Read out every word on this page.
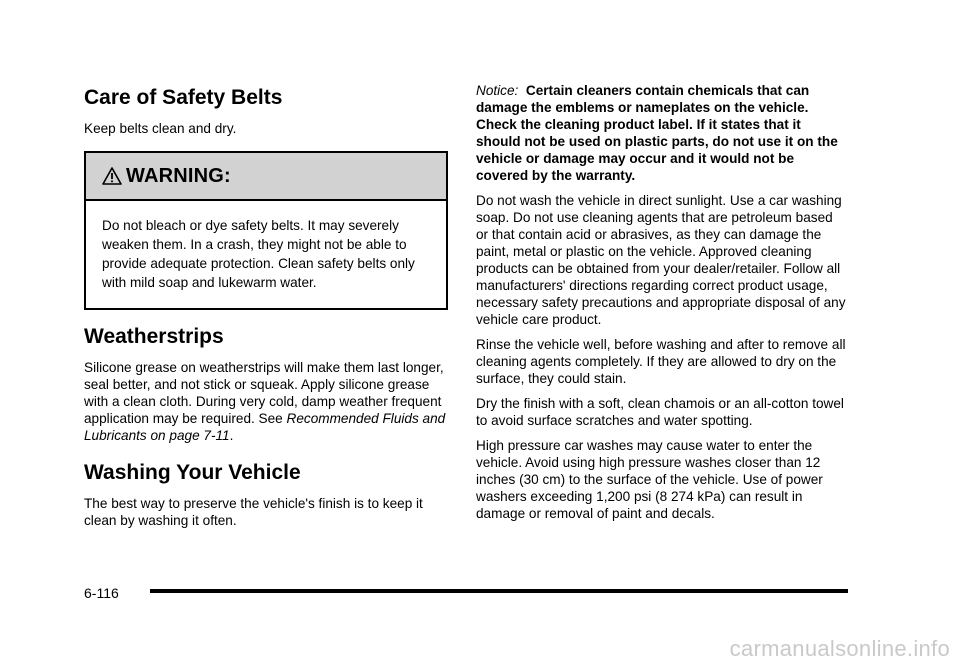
Care of Safety Belts

Keep belts clean and dry.

WARNING:

Do not bleach or dye safety belts. It may severely weaken them. In a crash, they might not be able to provide adequate protection. Clean safety belts only with mild soap and lukewarm water.

Weatherstrips

Silicone grease on weatherstrips will make them last longer, seal better, and not stick or squeak. Apply silicone grease with a clean cloth. During very cold, damp weather frequent application may be required. See Recommended Fluids and Lubricants on page 7-11.

Washing Your Vehicle

The best way to preserve the vehicle's finish is to keep it clean by washing it often.

Notice: Certain cleaners contain chemicals that can damage the emblems or nameplates on the vehicle. Check the cleaning product label. If it states that it should not be used on plastic parts, do not use it on the vehicle or damage may occur and it would not be covered by the warranty.

Do not wash the vehicle in direct sunlight. Use a car washing soap. Do not use cleaning agents that are petroleum based or that contain acid or abrasives, as they can damage the paint, metal or plastic on the vehicle. Approved cleaning products can be obtained from your dealer/retailer. Follow all manufacturers' directions regarding correct product usage, necessary safety precautions and appropriate disposal of any vehicle care product.

Rinse the vehicle well, before washing and after to remove all cleaning agents completely. If they are allowed to dry on the surface, they could stain.

Dry the finish with a soft, clean chamois or an all-cotton towel to avoid surface scratches and water spotting.

High pressure car washes may cause water to enter the vehicle. Avoid using high pressure washes closer than 12 inches (30 cm) to the surface of the vehicle. Use of power washers exceeding 1,200 psi (8 274 kPa) can result in damage or removal of paint and decals.

6-116
carmanualsonline.info
